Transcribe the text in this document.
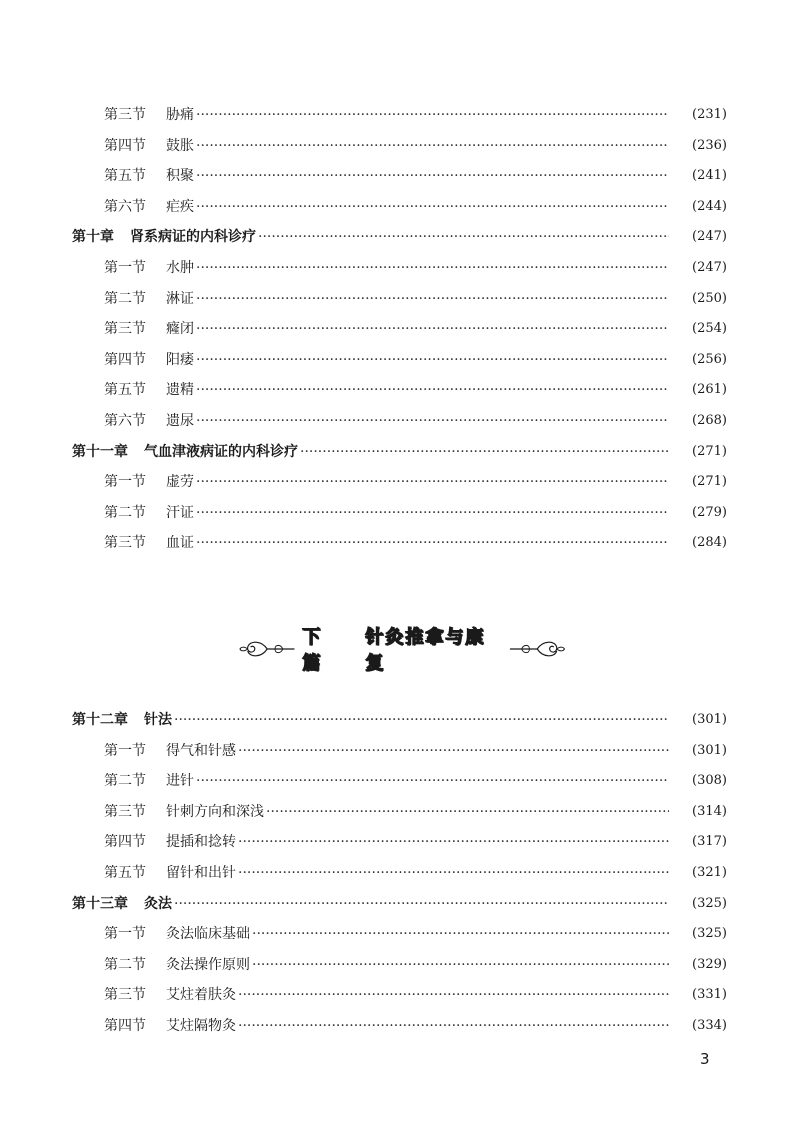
第三节	胁痛 ·····	(231)
第四节	鼓胀 ·····	(236)
第五节	积聚 ·····	(241)
第六节	疟疾 ·····	(244)
第十章 肾系病证的内科诊疗 ·····	(247)
第一节	水肿 ·····	(247)
第二节	淋证 ·····	(250)
第三节	癃闭 ·····	(254)
第四节	阳痿 ·····	(256)
第五节	遗精 ·····	(261)
第六节	遗尿 ·····	(268)
第十一章 气血津液病证的内科诊疗 ·····	(271)
第一节	虚劳 ·····	(271)
第二节	汗证 ·····	(279)
第三节	血证 ·····	(284)
第十二章 针法 ·····	(301)
第一节	得气和针感 ·····	(301)
第二节	进针 ·····	(308)
第三节	针刺方向和深浅 ·····	(314)
第四节	提插和捻转 ·····	(317)
第五节	留针和出针 ·····	(321)
第十三章 灸法 ·····	(325)
第一节	灸法临床基础 ·····	(325)
第二节	灸法操作原则 ·····	(329)
第三节	艾炷着肤灸 ·····	(331)
第四节	艾炷隔物灸 ·····	(334)
下篇
针灸推拿与康复
3
